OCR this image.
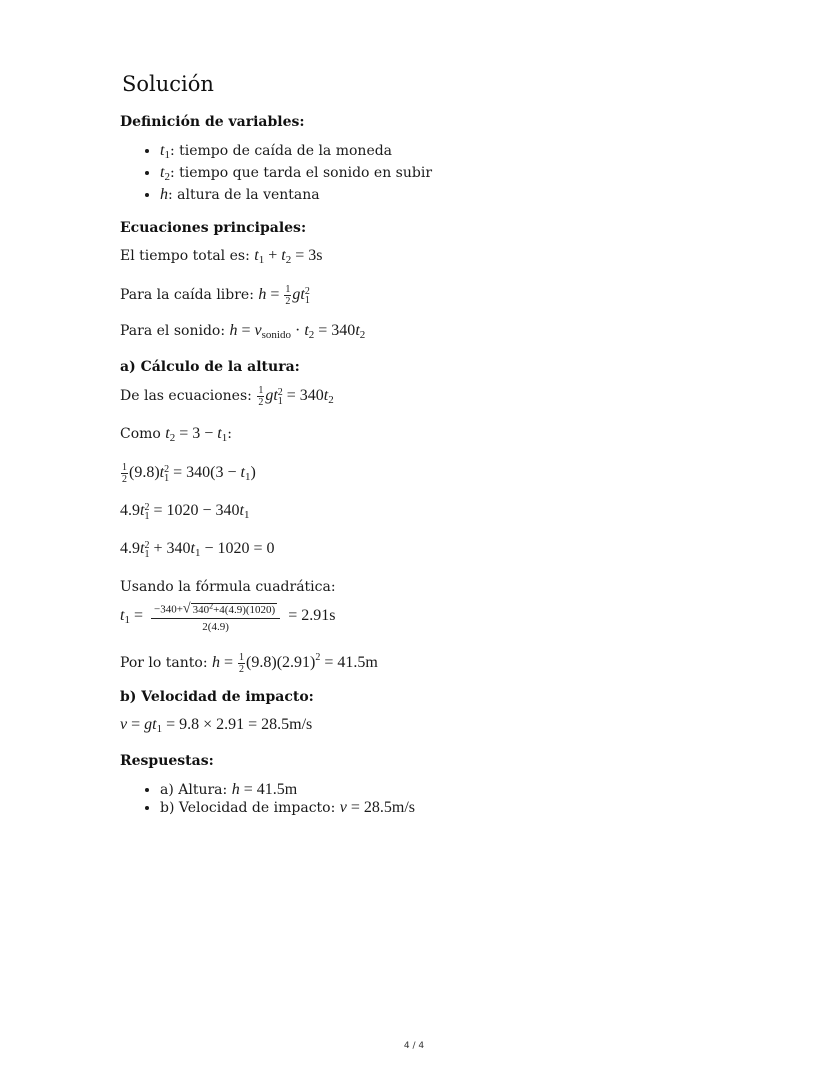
Solución
Definición de variables:
• $t_1$: tiempo de caída de la moneda
• $t_2$: tiempo que tarda el sonido en subir
• h: altura de la ventana
Ecuaciones principales:

El tiempo total es: $t_1 + t_2 = 3s$

Para la caída libre: $h = \frac{1}{2}$ gt 2
1

Para el sonido: $h = v_{sonido} \cdot t_2 = 340t_2$

a) Cálculo de la altura:

De las ecuaciones: $\frac{1}{2}$ gt 2
$1 = 340t_2$

Como $t_2 = 3 - t_1$:

$\frac{1}{2} (9.8)t$ 2
$1 = 340(3 - t_1)$

4.9t 2
$1 = 1020 - 340t_1$

4.9t 2
$1 + 340t_1 - 1020 = 0$

Usando la fórmula cuadrática:

$t_1 = \frac{-340+√ 340^2+4(4.9)(1020)}{2(4.9)} = 2.91s$

Por lo tanto: $h = \frac{1}{2} (9.8)(2.91)^2 = 41.5m$

b) Velocidad de impacto:

$v = gt_1 = 9.8 \times 2.91 = 28.5m/s$

Respuestas:
• a) Altura: h = 41.5m
• b) Velocidad de impacto: v = 28.5m/s
4 / 4
